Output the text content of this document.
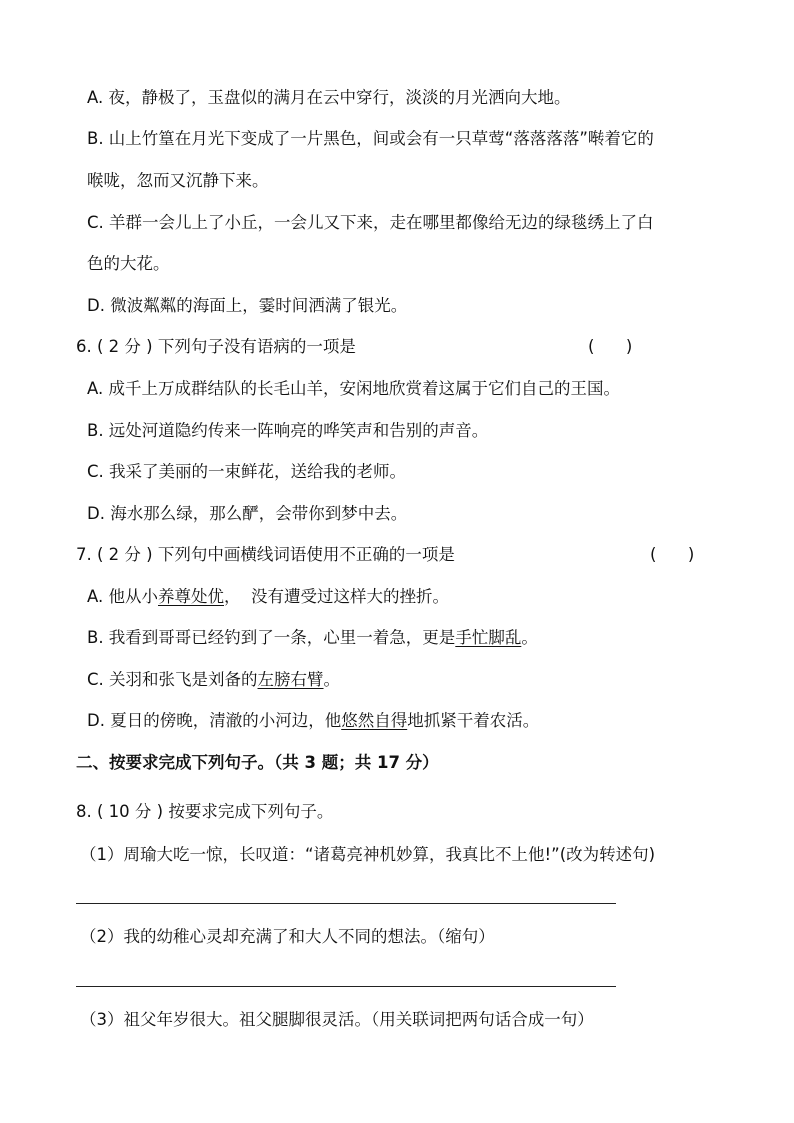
A. 夜，静极了，玉盘似的满月在云中穿行，淡淡的月光洒向大地。
B. 山上竹篁在月光下变成了一片黑色，间或会有一只草莺“落落落落”啭着它的
喉咙，忽而又沉静下来。
C. 羊群一会儿上了小丘，一会儿又下来，走在哪里都像给无边的绿毯绣上了白
色的大花。
D. 微波粼粼的海面上，霎时间洒满了银光。
6. ( 2 分 ) 下列句子没有语病的一项是	(      )
A. 成千上万成群结队的长毛山羊，安闲地欣赏着这属于它们自己的王国。
B. 远处河道隐约传来一阵响亮的哗笑声和告别的声音。
C. 我采了美丽的一束鲜花，送给我的老师。
D. 海水那么绿，那么酽，会带你到梦中去。
7. ( 2 分 ) 下列句中画横线词语使用不正确的一项是	(      )
A. 他从小养尊处优，  没有遭受过这样大的挫折。
B. 我看到哥哥已经钓到了一条，心里一着急，更是手忙脚乱。
C. 关羽和张飞是刘备的左膀右臂。
D. 夏日的傍晚，清澈的小河边，他悠然自得地抓紧干着农活。
二、按要求完成下列句子。（共 3 题；共 17 分）
8. ( 10 分 ) 按要求完成下列句子。
（1）周瑜大吃一惊，长叹道：“诸葛亮神机妙算，我真比不上他!”(改为转述句)
（2）我的幼稚心灵却充满了和大人不同的想法。（缩句）
（3）祖父年岁很大。祖父腿脚很灵活。（用关联词把两句话合成一句）
